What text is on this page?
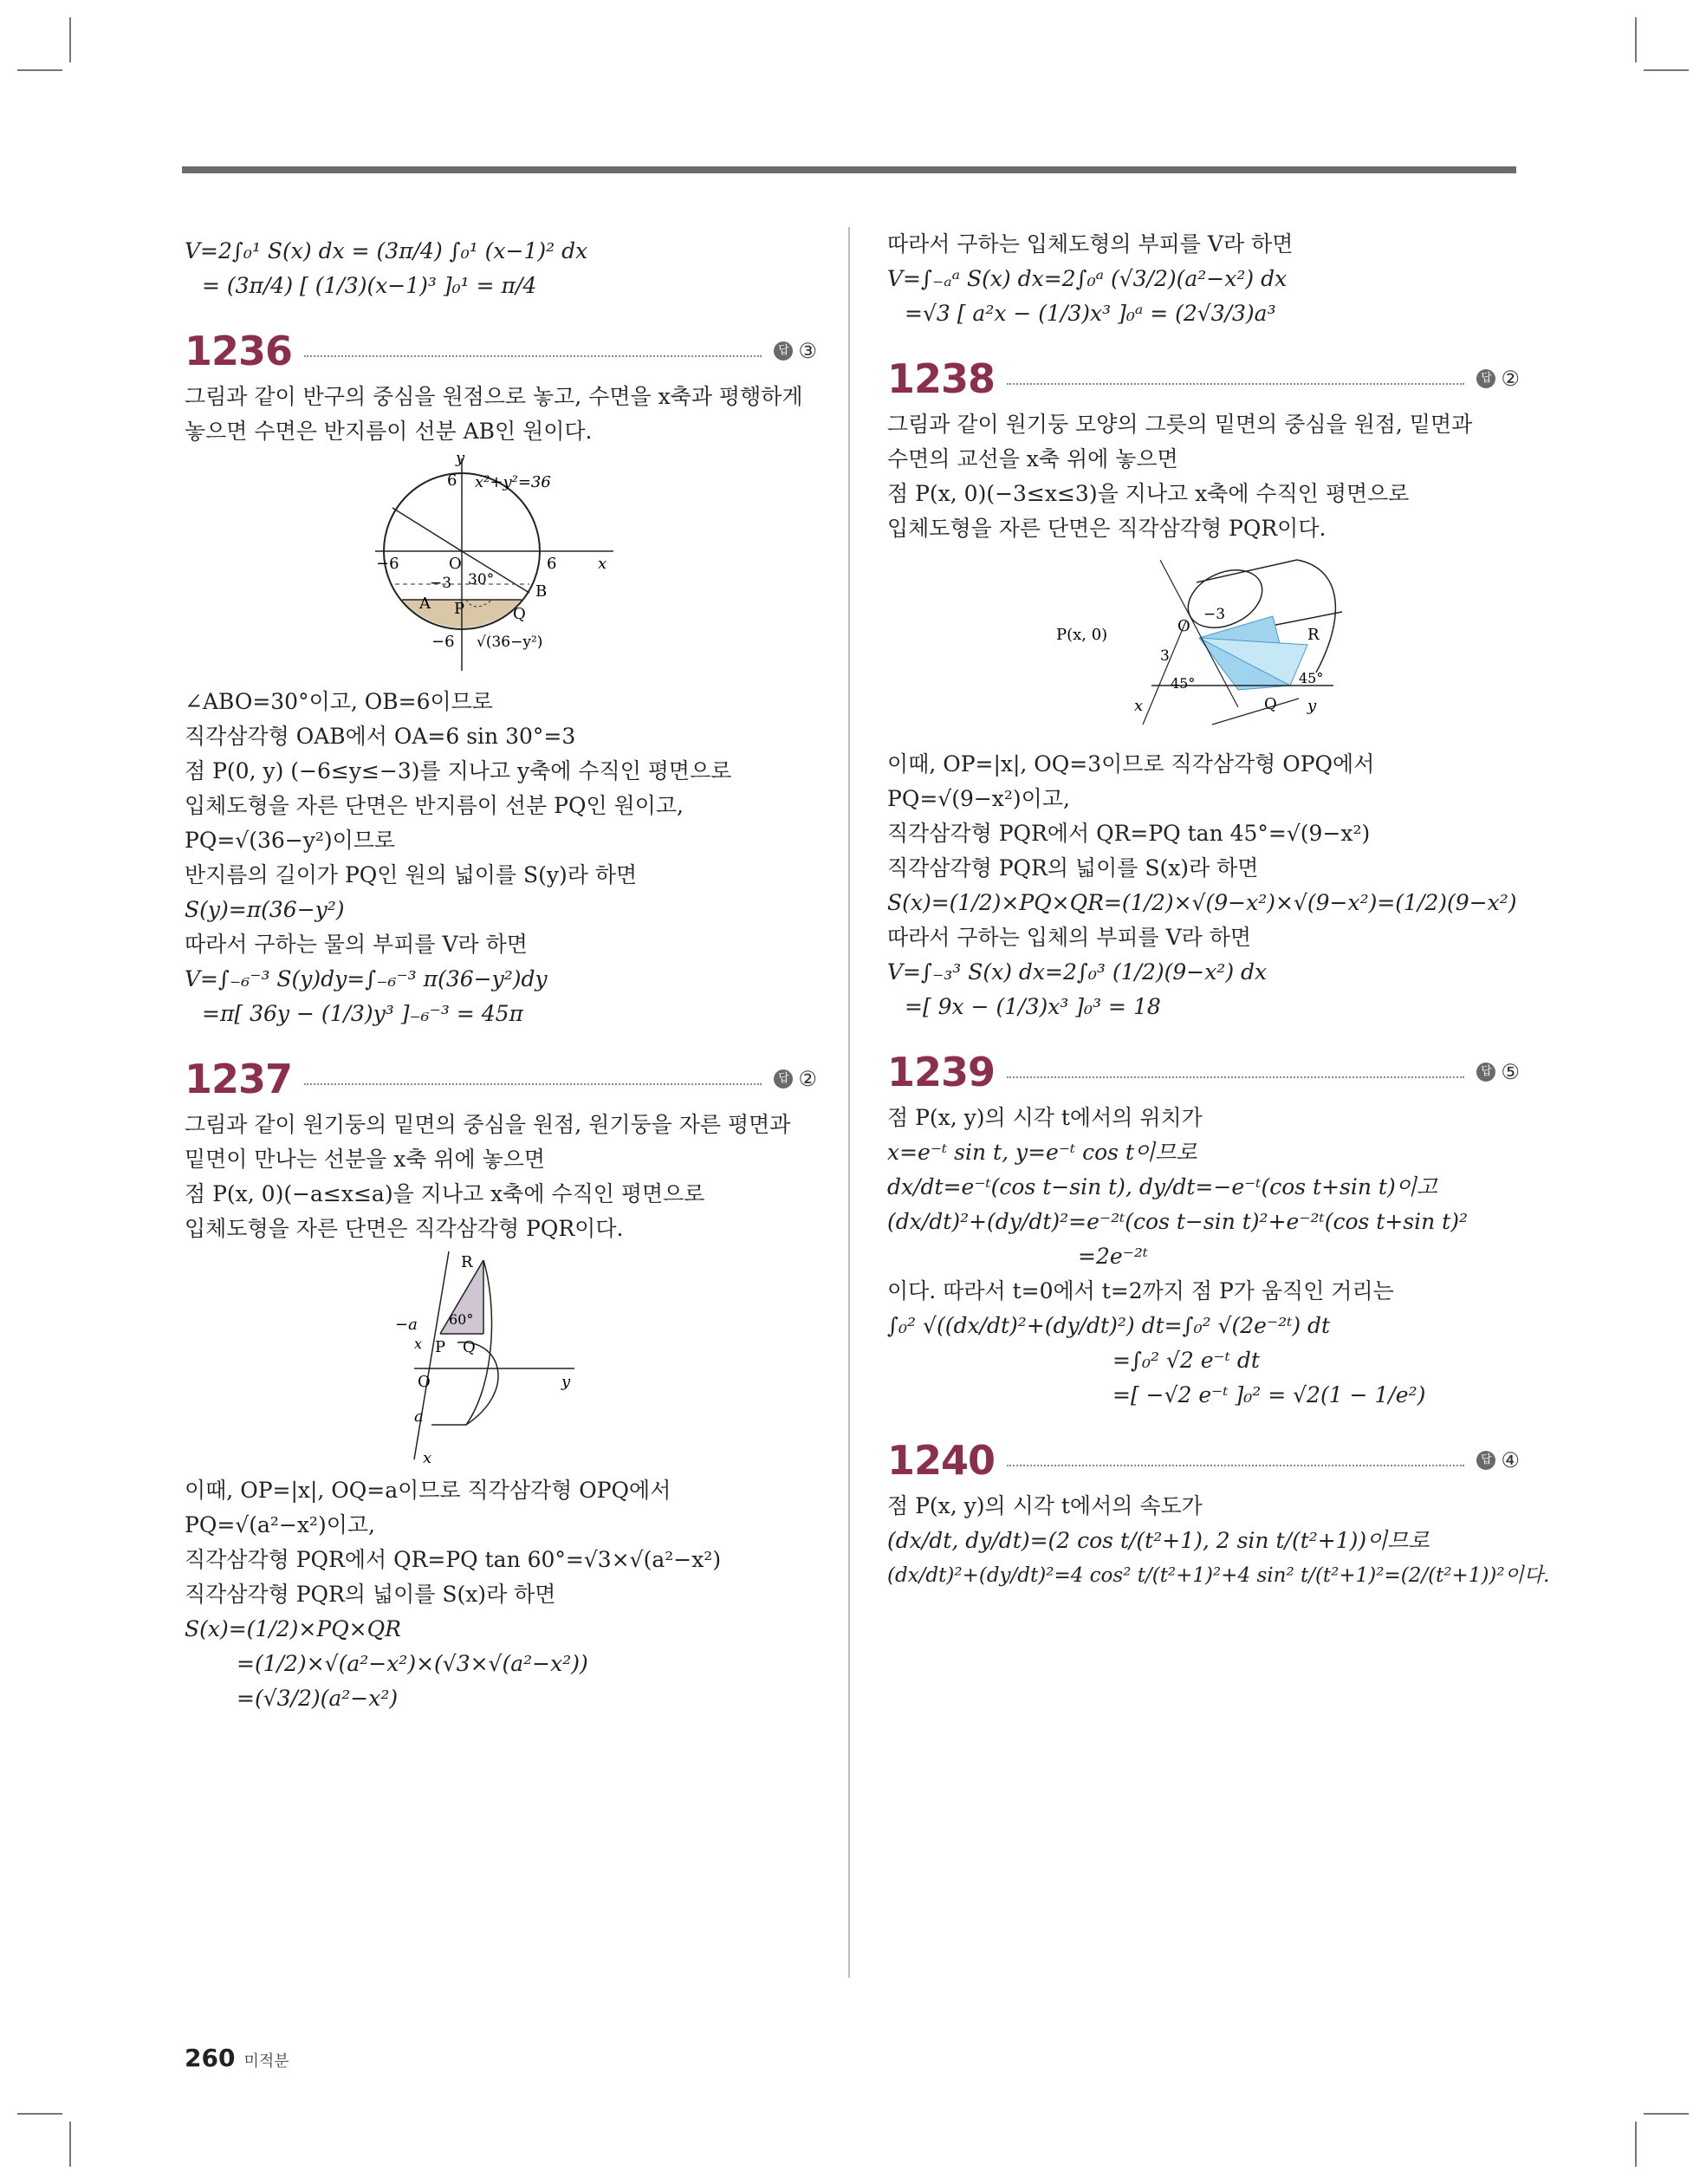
V=2∫₀¹ S(x) dx = (3π/4) ∫₀¹ (x−1)² dx
= (3π/4) [ (1/3)(x−1)³ ]₀¹ = π/4
1236	답 ③
그림과 같이 반구의 중심을 원점으로 놓고, 수면을 x축과 평행하게
놓으면 수면은 반지름이 선분 AB인 원이다.
y
6 x²+y²=36
−6	O	6	x
−3 30°
B
A P	Q
−6 √(36−y²)
∠ABO=30°이고, OB=6이므로
직각삼각형 OAB에서 OA=6 sin 30°=3
점 P(0, y) (−6≤y≤−3)를 지나고 y축에 수직인 평면으로
입체도형을 자른 단면은 반지름이 선분 PQ인 원이고,
PQ=√(36−y²)이므로
반지름의 길이가 PQ인 원의 넓이를 S(y)라 하면
S(y)=π(36−y²)
따라서 구하는 물의 부피를 V라 하면
V=∫₋₆⁻³ S(y)dy=∫₋₆⁻³ π(36−y²)dy
=π[ 36y − (1/3)y³ ]₋₆⁻³ = 45π
1237	답 ②
그림과 같이 원기둥의 밑면의 중심을 원점, 원기둥을 자른 평면과
밑면이 만나는 선분을 x축 위에 놓으면
점 P(x, 0)(−a≤x≤a)을 지나고 x축에 수직인 평면으로
입체도형을 자른 단면은 직각삼각형 PQR이다.
R
−a 60°
x P Q
O	y
a
x
이때, OP=|x|, OQ=a이므로 직각삼각형 OPQ에서
PQ=√(a²−x²)이고,
직각삼각형 PQR에서 QR=PQ tan 60°=√3×√(a²−x²)
직각삼각형 PQR의 넓이를 S(x)라 하면
S(x)=(1/2)×PQ×QR
=(1/2)×√(a²−x²)×(√3×√(a²−x²))
=(√3/2)(a²−x²)
따라서 구하는 입체도형의 부피를 V라 하면
V=∫₋ₐᵃ S(x) dx=2∫₀ᵃ (√3/2)(a²−x²) dx
=√3 [ a²x − (1/3)x³ ]₀ᵃ = (2√3/3)a³
1238	답 ②
그림과 같이 원기둥 모양의 그릇의 밑면의 중심을 원점, 밑면과
수면의 교선을 x축 위에 놓으면
점 P(x, 0)(−3≤x≤3)을 지나고 x축에 수직인 평면으로
입체도형을 자른 단면은 직각삼각형 PQR이다.
P(x, 0)	O
−3
3
R
45°	45°
Q
x	y
이때, OP=|x|, OQ=3이므로 직각삼각형 OPQ에서
PQ=√(9−x²)이고,
직각삼각형 PQR에서 QR=PQ tan 45°=√(9−x²)
직각삼각형 PQR의 넓이를 S(x)라 하면
S(x)=(1/2)×PQ×QR=(1/2)×√(9−x²)×√(9−x²)=(1/2)(9−x²)
따라서 구하는 입체의 부피를 V라 하면
V=∫₋₃³ S(x) dx=2∫₀³ (1/2)(9−x²) dx
=[ 9x − (1/3)x³ ]₀³ = 18
1239	답 ⑤
점 P(x, y)의 시각 t에서의 위치가
x=e⁻ᵗ sin t, y=e⁻ᵗ cos t이므로
dx/dt=e⁻ᵗ(cos t−sin t), dy/dt=−e⁻ᵗ(cos t+sin t)이고
(dx/dt)²+(dy/dt)²=e⁻²ᵗ(cos t−sin t)²+e⁻²ᵗ(cos t+sin t)²
=2e⁻²ᵗ
이다. 따라서 t=0에서 t=2까지 점 P가 움직인 거리는
∫₀² √((dx/dt)²+(dy/dt)²) dt=∫₀² √(2e⁻²ᵗ) dt
=∫₀² √2 e⁻ᵗ dt
=[ −√2 e⁻ᵗ ]₀² = √2(1 − 1/e²)
1240	답 ④
점 P(x, y)의 시각 t에서의 속도가
(dx/dt, dy/dt)=(2 cos t/(t²+1), 2 sin t/(t²+1))이므로
(dx/dt)²+(dy/dt)²=4 cos² t/(t²+1)²+4 sin² t/(t²+1)²=(2/(t²+1))²이다.
260 미적분
